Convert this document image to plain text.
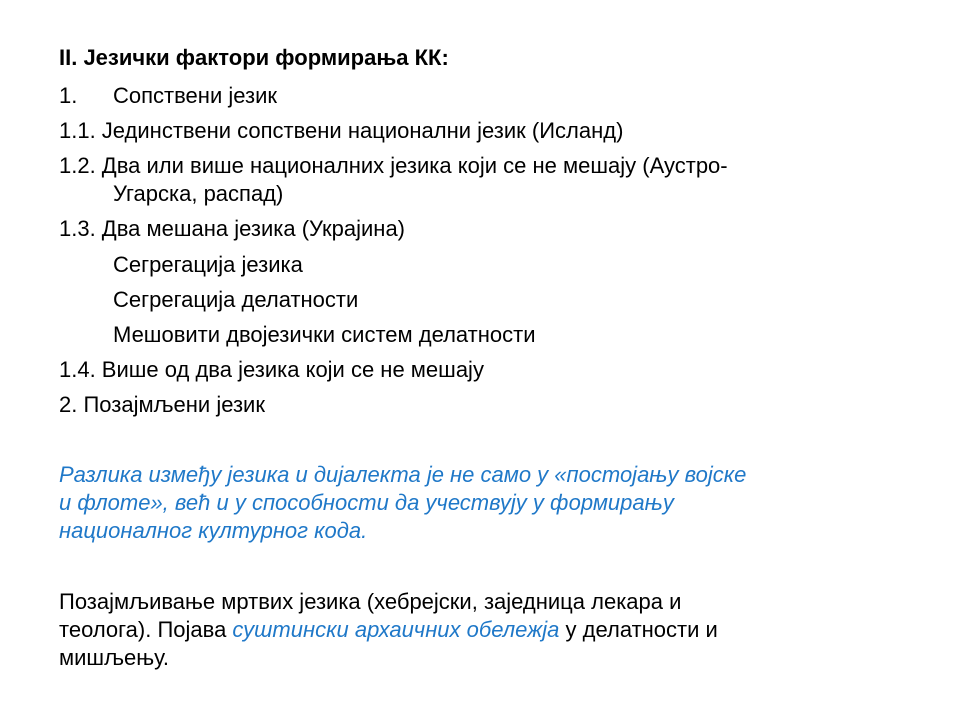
II. Језички фактори формирања КК:
1. Сопствени језик
1.1. Јединствени сопствени национални језик (Исланд)
1.2. Два или више националних језика који се не мешају (Аустро-
Угарска, распад)
1.3. Два мешана језика (Украјина)
Сегрегација језика
Сегрегација делатности
Мешовити двојезички систем делатности
1.4. Више од два језика који се не мешају
2. Позајмљени језик
Разлика између језика и дијалекта је не само у «постојању војске
и флоте», већ и у способности да учествују у формирању
националног културног кода.
Позајмљивање мртвих језика (хебрејски, заједница лекара и
теолога). Појава суштински архаичних обележја у делатности и
мишљењу.
